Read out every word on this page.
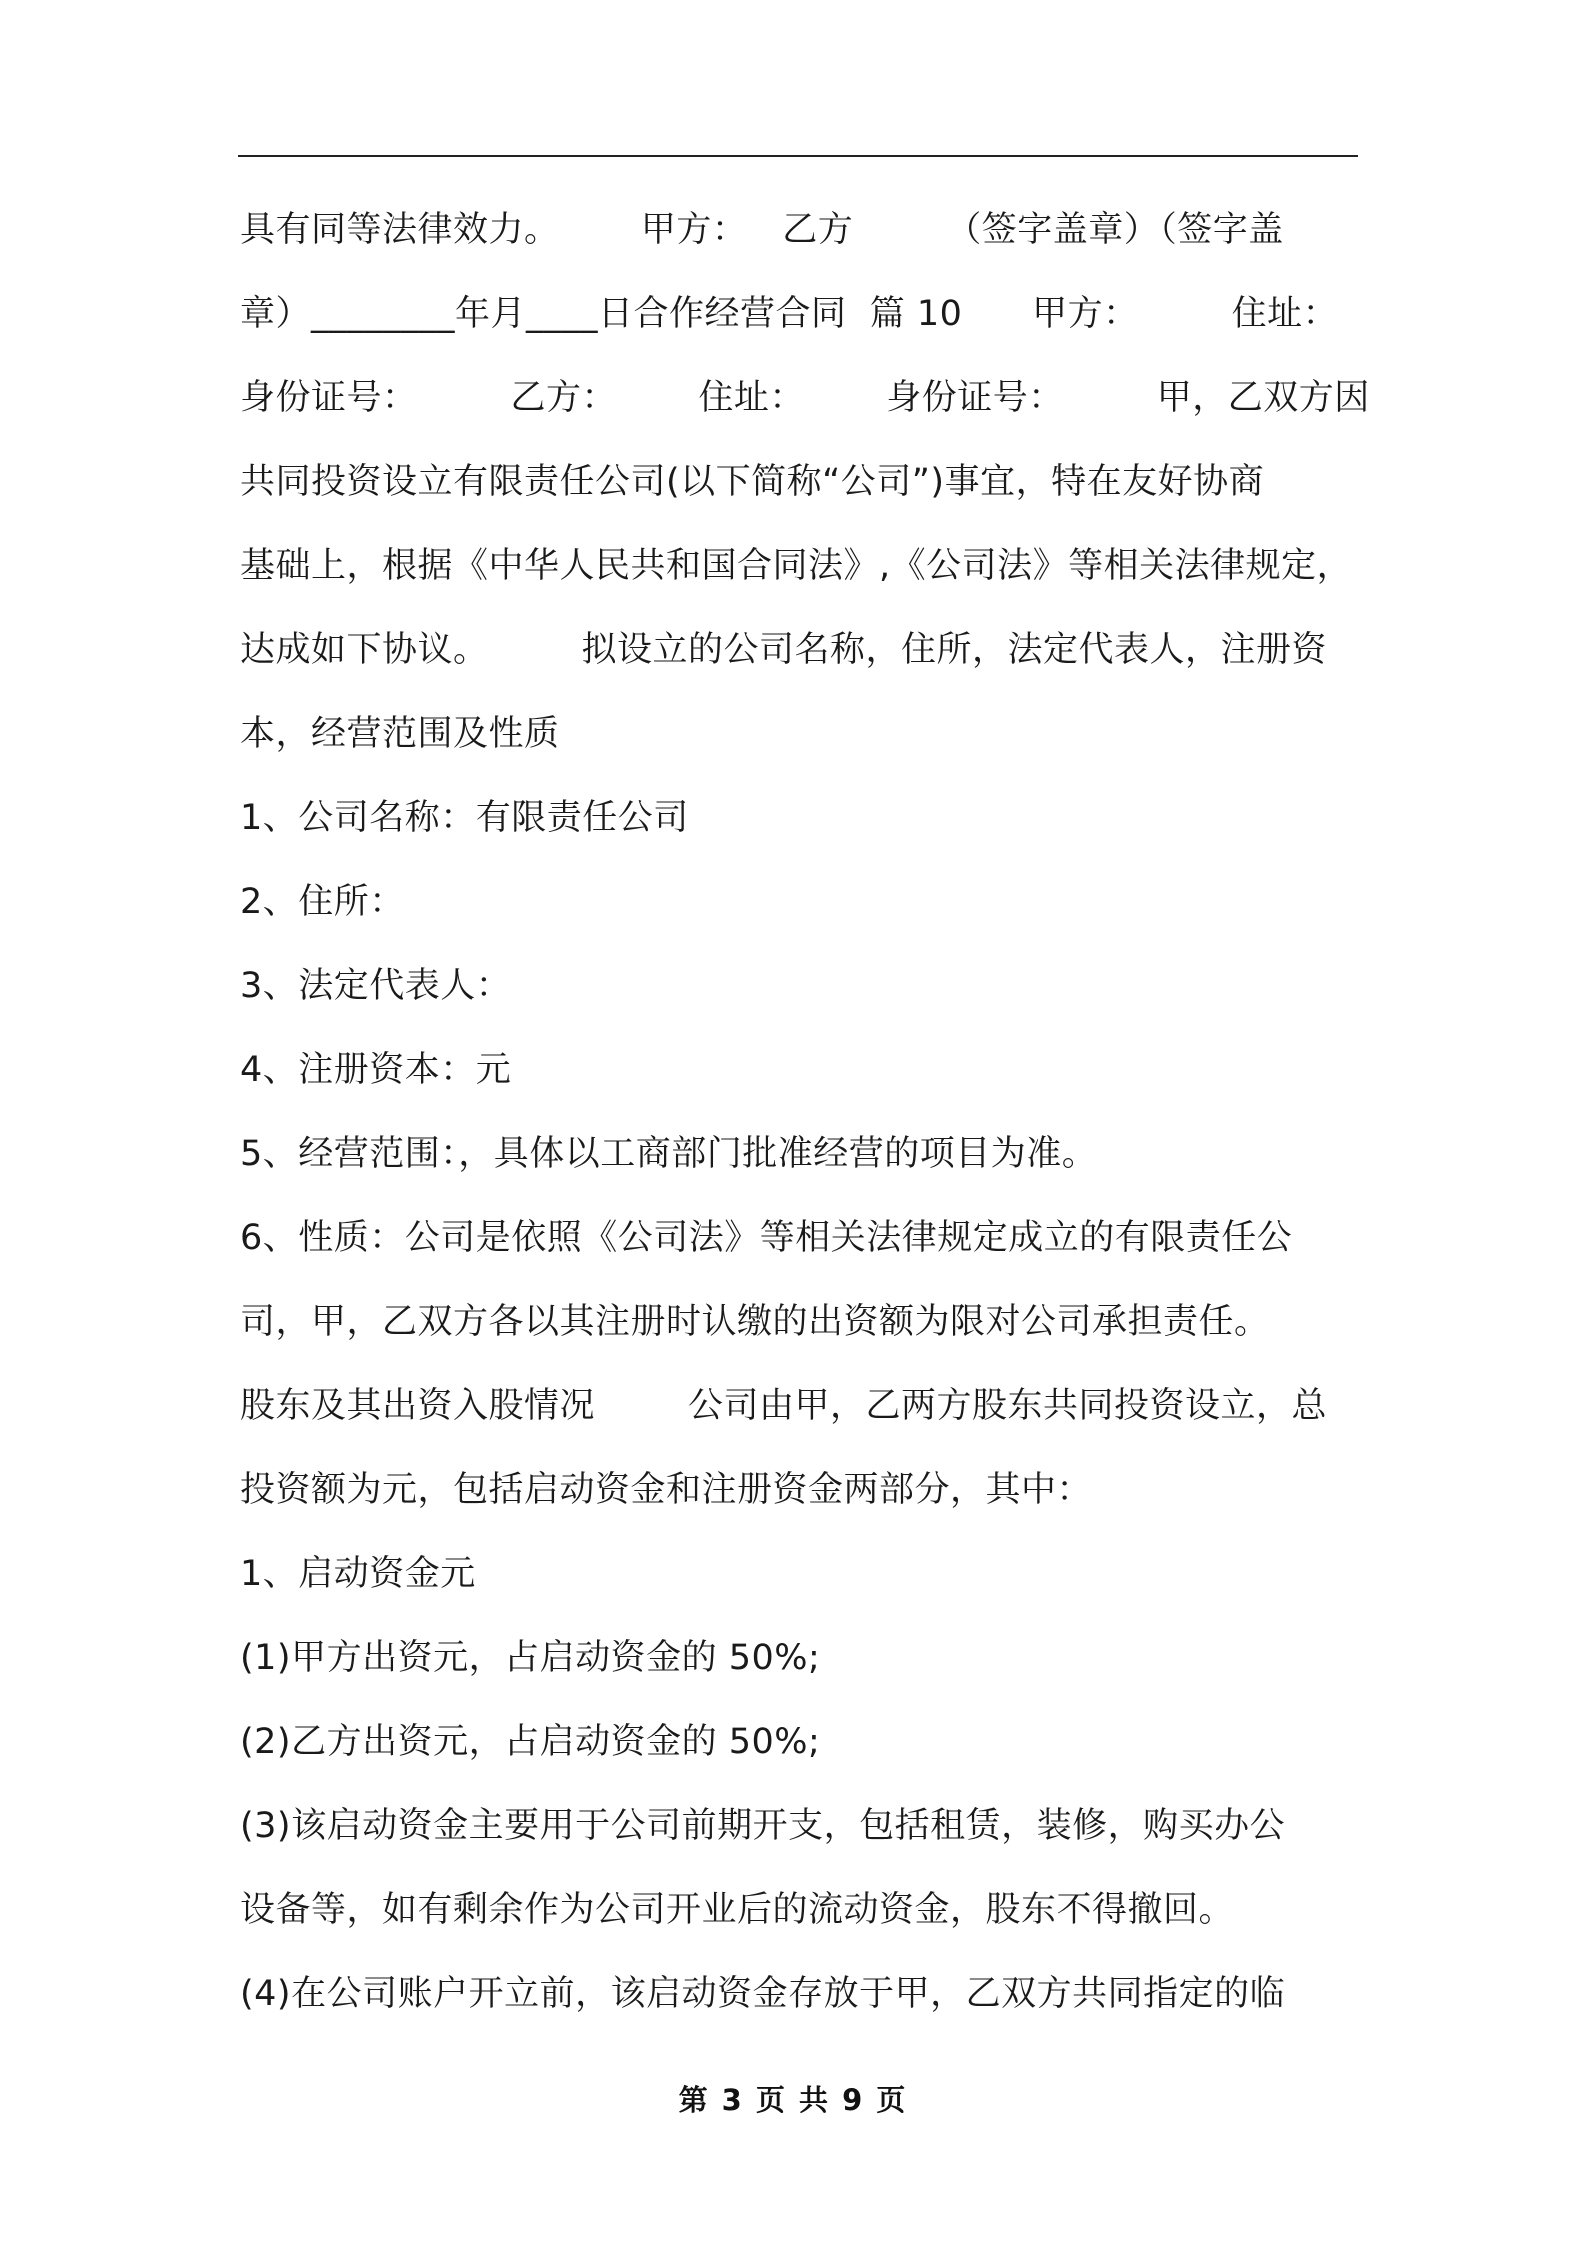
具有同等法律效力。       甲方：   乙方        （签字盖章）（签字盖
章）________年月____日合作经营合同  篇 10      甲方：        住址：
身份证号：        乙方：       住址：       身份证号：        甲，乙双方因
共同投资设立有限责任公司(以下简称“公司”)事宜，特在友好协商
基础上，根据《中华人民共和国合同法》,《公司法》等相关法律规定，
达成如下协议。        拟设立的公司名称，住所，法定代表人，注册资
本，经营范围及性质
1、公司名称：有限责任公司
2、住所：
3、法定代表人：
4、注册资本：元
5、经营范围：，具体以工商部门批准经营的项目为准。
6、性质：公司是依照《公司法》等相关法律规定成立的有限责任公
司，甲，乙双方各以其注册时认缴的出资额为限对公司承担责任。
股东及其出资入股情况        公司由甲，乙两方股东共同投资设立，总
投资额为元，包括启动资金和注册资金两部分，其中：
1、启动资金元
(1)甲方出资元，占启动资金的 50%;
(2)乙方出资元，占启动资金的 50%;
(3)该启动资金主要用于公司前期开支，包括租赁，装修，购买办公
设备等，如有剩余作为公司开业后的流动资金，股东不得撤回。
(4)在公司账户开立前，该启动资金存放于甲，乙双方共同指定的临
第 3 页 共 9 页
